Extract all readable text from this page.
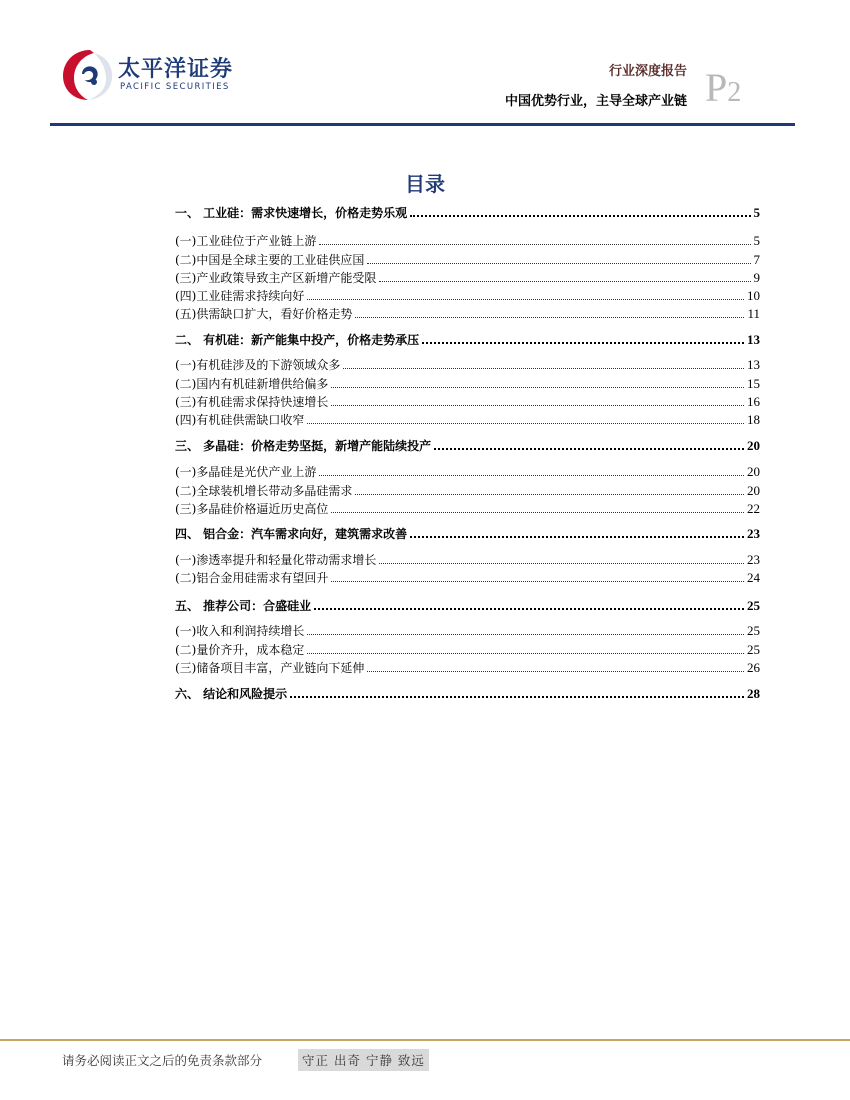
太平洋证券
PACIFIC SECURITIES
行业深度报告
中国优势行业，主导全球产业链 P2
目录
一、 工业硅：需求快速增长，价格走势乐观	5
(一)工业硅位于产业链上游	5
(二)中国是全球主要的工业硅供应国	7
(三)产业政策导致主产区新增产能受限	9
(四)工业硅需求持续向好	10
(五)供需缺口扩大，看好价格走势	11
二、 有机硅：新产能集中投产，价格走势承压	13
(一)有机硅涉及的下游领域众多	13
(二)国内有机硅新增供给偏多	15
(三)有机硅需求保持快速增长	16
(四)有机硅供需缺口收窄	18
三、 多晶硅：价格走势坚挺，新增产能陆续投产	20
(一)多晶硅是光伏产业上游	20
(二)全球装机增长带动多晶硅需求	20
(三)多晶硅价格逼近历史高位	22
四、 铝合金：汽车需求向好，建筑需求改善	23
(一)渗透率提升和轻量化带动需求增长	23
(二)铝合金用硅需求有望回升	24
五、 推荐公司：合盛硅业	25
(一)收入和利润持续增长	25
(二)量价齐升，成本稳定	25
(三)储备项目丰富，产业链向下延伸	26
六、 结论和风险提示	28
请务必阅读正文之后的免责条款部分	守正 出奇 宁静 致远
